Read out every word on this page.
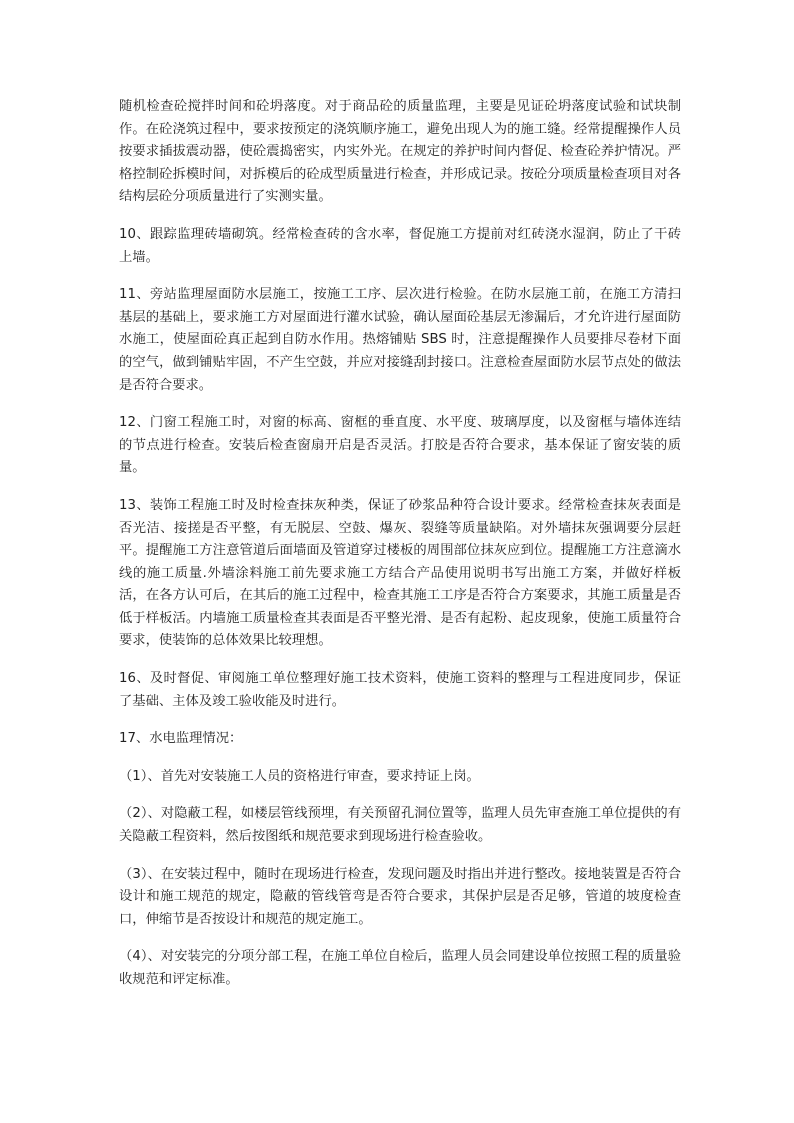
随机检查砼搅拌时间和砼坍落度。对于商品砼的质量监理，主要是见证砼坍落度试验和试块制作。在砼浇筑过程中，要求按预定的浇筑顺序施工，避免出现人为的施工缝。经常提醒操作人员按要求插拔震动器，使砼震捣密实，内实外光。在规定的养护时间内督促、检查砼养护情况。严格控制砼拆模时间，对拆模后的砼成型质量进行检查，并形成记录。按砼分项质量检查项目对各结构层砼分项质量进行了实测实量。

10、跟踪监理砖墙砌筑。经常检查砖的含水率，督促施工方提前对红砖浇水湿润，防止了干砖上墙。

11、旁站监理屋面防水层施工，按施工工序、层次进行检验。在防水层施工前，在施工方清扫基层的基础上，要求施工方对屋面进行灌水试验，确认屋面砼基层无渗漏后，才允许进行屋面防水施工，使屋面砼真正起到自防水作用。热熔铺贴 SBS 时，注意提醒操作人员要排尽卷材下面的空气，做到铺贴牢固，不产生空鼓，并应对接缝刮封接口。注意检查屋面防水层节点处的做法是否符合要求。

12、门窗工程施工时，对窗的标高、窗框的垂直度、水平度、玻璃厚度，以及窗框与墙体连结的节点进行检查。安装后检查窗扇开启是否灵活。打胶是否符合要求，基本保证了窗安装的质量。

13、装饰工程施工时及时检查抹灰种类，保证了砂浆品种符合设计要求。经常检查抹灰表面是否光洁、接搓是否平整，有无脱层、空鼓、爆灰、裂缝等质量缺陷。对外墙抹灰强调要分层赶平。提醒施工方注意管道后面墙面及管道穿过楼板的周围部位抹灰应到位。提醒施工方注意滴水线的施工质量.外墙涂料施工前先要求施工方结合产品使用说明书写出施工方案，并做好样板活，在各方认可后，在其后的施工过程中，检查其施工工序是否符合方案要求，其施工质量是否低于样板活。内墙施工质量检查其表面是否平整光滑、是否有起粉、起皮现象，使施工质量符合要求，使装饰的总体效果比较理想。

16、及时督促、审阅施工单位整理好施工技术资料，使施工资料的整理与工程进度同步，保证了基础、主体及竣工验收能及时进行。

17、水电监理情况：

（1）、首先对安装施工人员的资格进行审查，要求持证上岗。

（2）、对隐蔽工程，如楼层管线预埋，有关预留孔洞位置等，监理人员先审查施工单位提供的有关隐蔽工程资料，然后按图纸和规范要求到现场进行检查验收。

（3）、在安装过程中，随时在现场进行检查，发现问题及时指出并进行整改。接地装置是否符合设计和施工规范的规定，隐蔽的管线管弯是否符合要求，其保护层是否足够，管道的坡度检查口，伸缩节是否按设计和规范的规定施工。

（4）、对安装完的分项分部工程，在施工单位自检后，监理人员会同建设单位按照工程的质量验收规范和评定标准。
